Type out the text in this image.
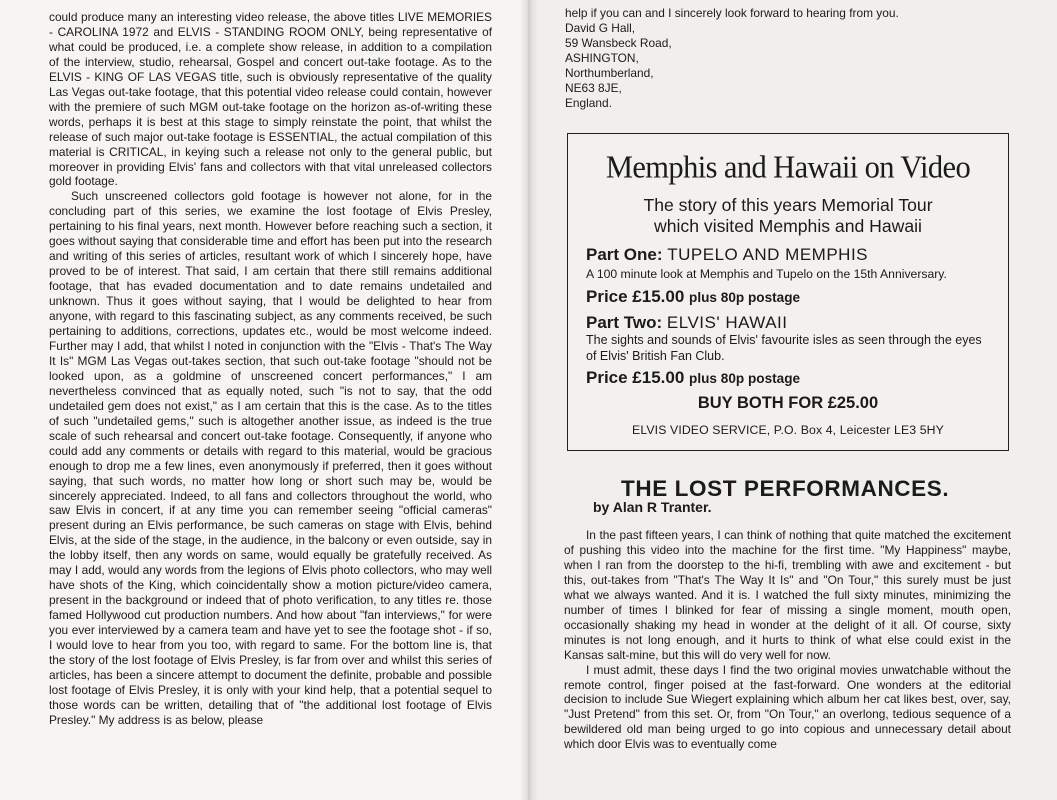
could produce many an interesting video release, the above titles LIVE MEMORIES - CAROLINA 1972 and ELVIS - STANDING ROOM ONLY, being representative of what could be produced, i.e. a complete show release, in addition to a compilation of the interview, studio, rehearsal, Gospel and concert out-take footage. As to the ELVIS - KING OF LAS VEGAS title, such is obviously representative of the quality Las Vegas out-take footage, that this potential video release could contain, however with the premiere of such MGM out-take footage on the horizon as-of-writing these words, perhaps it is best at this stage to simply reinstate the point, that whilst the release of such major out-take footage is ESSENTIAL, the actual compilation of this material is CRITICAL, in keying such a release not only to the general public, but moreover in providing Elvis' fans and collectors with that vital unreleased collectors gold footage.

Such unscreened collectors gold footage is however not alone, for in the concluding part of this series, we examine the lost footage of Elvis Presley, pertaining to his final years, next month. However before reaching such a section, it goes without saying that considerable time and effort has been put into the research and writing of this series of articles, resultant work of which I sincerely hope, have proved to be of interest. That said, I am certain that there still remains additional footage, that has evaded documentation and to date remains undetailed and unknown. Thus it goes without saying, that I would be delighted to hear from anyone, with regard to this fascinating subject, as any comments received, be such pertaining to additions, corrections, updates etc., would be most welcome indeed. Further may I add, that whilst I noted in conjunction with the "Elvis - That's The Way It Is" MGM Las Vegas out-takes section, that such out-take footage "should not be looked upon, as a goldmine of unscreened concert performances," I am nevertheless convinced that as equally noted, such "is not to say, that the odd undetailed gem does not exist," as I am certain that this is the case. As to the titles of such "undetailed gems," such is altogether another issue, as indeed is the true scale of such rehearsal and concert out-take footage. Consequently, if anyone who could add any comments or details with regard to this material, would be gracious enough to drop me a few lines, even anonymously if preferred, then it goes without saying, that such words, no matter how long or short such may be, would be sincerely appreciated. Indeed, to all fans and collectors throughout the world, who saw Elvis in concert, if at any time you can remember seeing "official cameras" present during an Elvis performance, be such cameras on stage with Elvis, behind Elvis, at the side of the stage, in the audience, in the balcony or even outside, say in the lobby itself, then any words on same, would equally be gratefully received. As may I add, would any words from the legions of Elvis photo collectors, who may well have shots of the King, which coincidentally show a motion picture/video camera, present in the background or indeed that of photo verification, to any titles re. those famed Hollywood cut production numbers. And how about "fan interviews," for were you ever interviewed by a camera team and have yet to see the footage shot - if so, I would love to hear from you too, with regard to same. For the bottom line is, that the story of the lost footage of Elvis Presley, is far from over and whilst this series of articles, has been a sincere attempt to document the definite, probable and possible lost footage of Elvis Presley, it is only with your kind help, that a potential sequel to those words can be written, detailing that of "the additional lost footage of Elvis Presley." My address is as below, please

help if you can and I sincerely look forward to hearing from you.
David G Hall,
59 Wansbeck Road,
ASHINGTON,
Northumberland,
NE63 8JE,
England.
Memphis and Hawaii on Video
The story of this years Memorial Tour
which visited Memphis and Hawaii
Part One: TUPELO AND MEMPHIS
A 100 minute look at Memphis and Tupelo on the 15th Anniversary.
Price £15.00 plus 80p postage
Part Two: ELVIS' HAWAII
The sights and sounds of Elvis' favourite isles as seen through the eyes of Elvis' British Fan Club.
Price £15.00 plus 80p postage
BUY BOTH FOR £25.00
ELVIS VIDEO SERVICE, P.O. Box 4, Leicester LE3 5HY
THE LOST PERFORMANCES.
by Alan R Tranter.

In the past fifteen years, I can think of nothing that quite matched the excitement of pushing this video into the machine for the first time. "My Happiness" maybe, when I ran from the doorstep to the hi-fi, trembling with awe and excitement - but this, out-takes from "That's The Way It Is" and "On Tour," this surely must be just what we always wanted. And it is. I watched the full sixty minutes, minimizing the number of times I blinked for fear of missing a single moment, mouth open, occasionally shaking my head in wonder at the delight of it all. Of course, sixty minutes is not long enough, and it hurts to think of what else could exist in the Kansas salt-mine, but this will do very well for now.

I must admit, these days I find the two original movies unwatchable without the remote control, finger poised at the fast-forward. One wonders at the editorial decision to include Sue Wiegert explaining which album her cat likes best, over, say, "Just Pretend" from this set. Or, from "On Tour," an overlong, tedious sequence of a bewildered old man being urged to go into copious and unnecessary detail about which door Elvis was to eventually come
